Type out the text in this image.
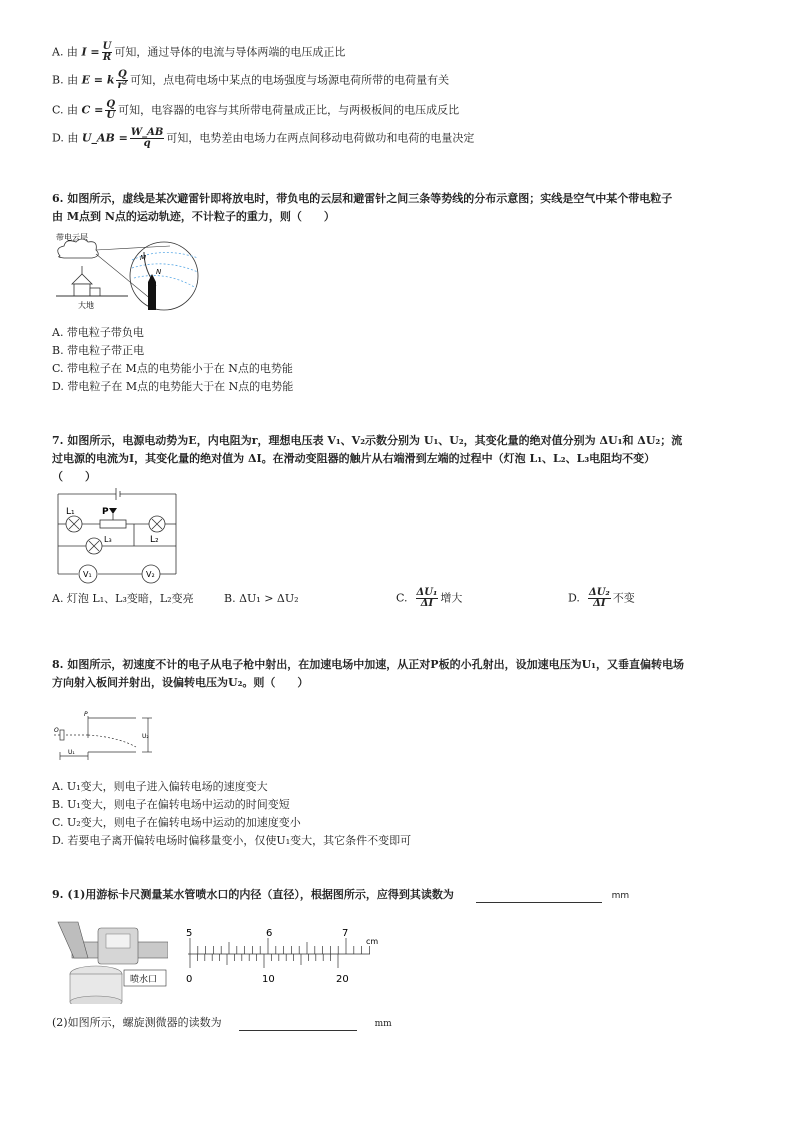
A. 由 $I = \frac{U}{R}$ 可知，通过导体的电流与导体两端的电压成正比
B. 由 E = k $\frac{Q}{\text{r²}}$ 可知，点电荷电场中某点的电场强度与场源电荷所带的电荷量有关
C. 由 $C = \frac{Q}{U}$ 可知，电容器的电容与其所带电荷量成正比，与两极板间的电压成反比
D. 由 U_AB = $\frac{W\_AB}{q}$ 可知，电势差由电场力在两点间移动电荷做功和电荷的电量决定
6. 如图所示，虚线是某次避雷针即将放电时，带负电的云层和避雷针之间三条等势线的分布示意图；实线是空气中某个带电粒子
由 M点到 N点的运动轨迹，不计粒子的重力，则（　　）
带电云层
M
N
大地
A. 带电粒子带负电
B. 带电粒子带正电
C. 带电粒子在 M点的电势能小于在 N点的电势能
D. 带电粒子在 M点的电势能大于在 N点的电势能
7. 如图所示，电源电动势为E，内电阻为r，理想电压表 V₁、V₂示数分别为 U₁、U₂，其变化量的绝对值分别为 ΔU₁和 ΔU₂；流
过电源的电流为I，其变化量的绝对值为 ΔI。在滑动变阻器的触片从右端滑到左端的过程中（灯泡 L₁、L₂、L₃电阻均不变）
（　　）
V₁	V₂
L₁	P
L₂
L₃
A. 灯泡 L₁、L₃变暗，L₂变亮	B. ΔU₁ > ΔU₂	C. $\frac{\text{ΔU₁}}{\Delta I}$ 增大	D. $\frac{\text{ΔU₂}}{\Delta I}$ 不变
8. 如图所示，初速度不计的电子从电子枪中射出，在加速电场中加速，从正对P板的小孔射出，设加速电压为U₁，又垂直偏转电场
方向射入板间并射出，设偏转电压为U₂。则（　　）
P
O
U₁
U₂
A. U₁变大，则电子进入偏转电场的速度变大
B. U₁变大，则电子在偏转电场中运动的时间变短
C. U₂变大，则电子在偏转电场中运动的加速度变小
D. 若要电子离开偏转电场时偏移量变小，仅使U₁变大，其它条件不变即可
9. (1)用游标卡尺测量某水管喷水口的内径（直径），根据图所示，应得到其读数为	mm
喷水口
5	6	7
cm
0	10	20
(2)如图所示，螺旋测微器的读数为	mm
